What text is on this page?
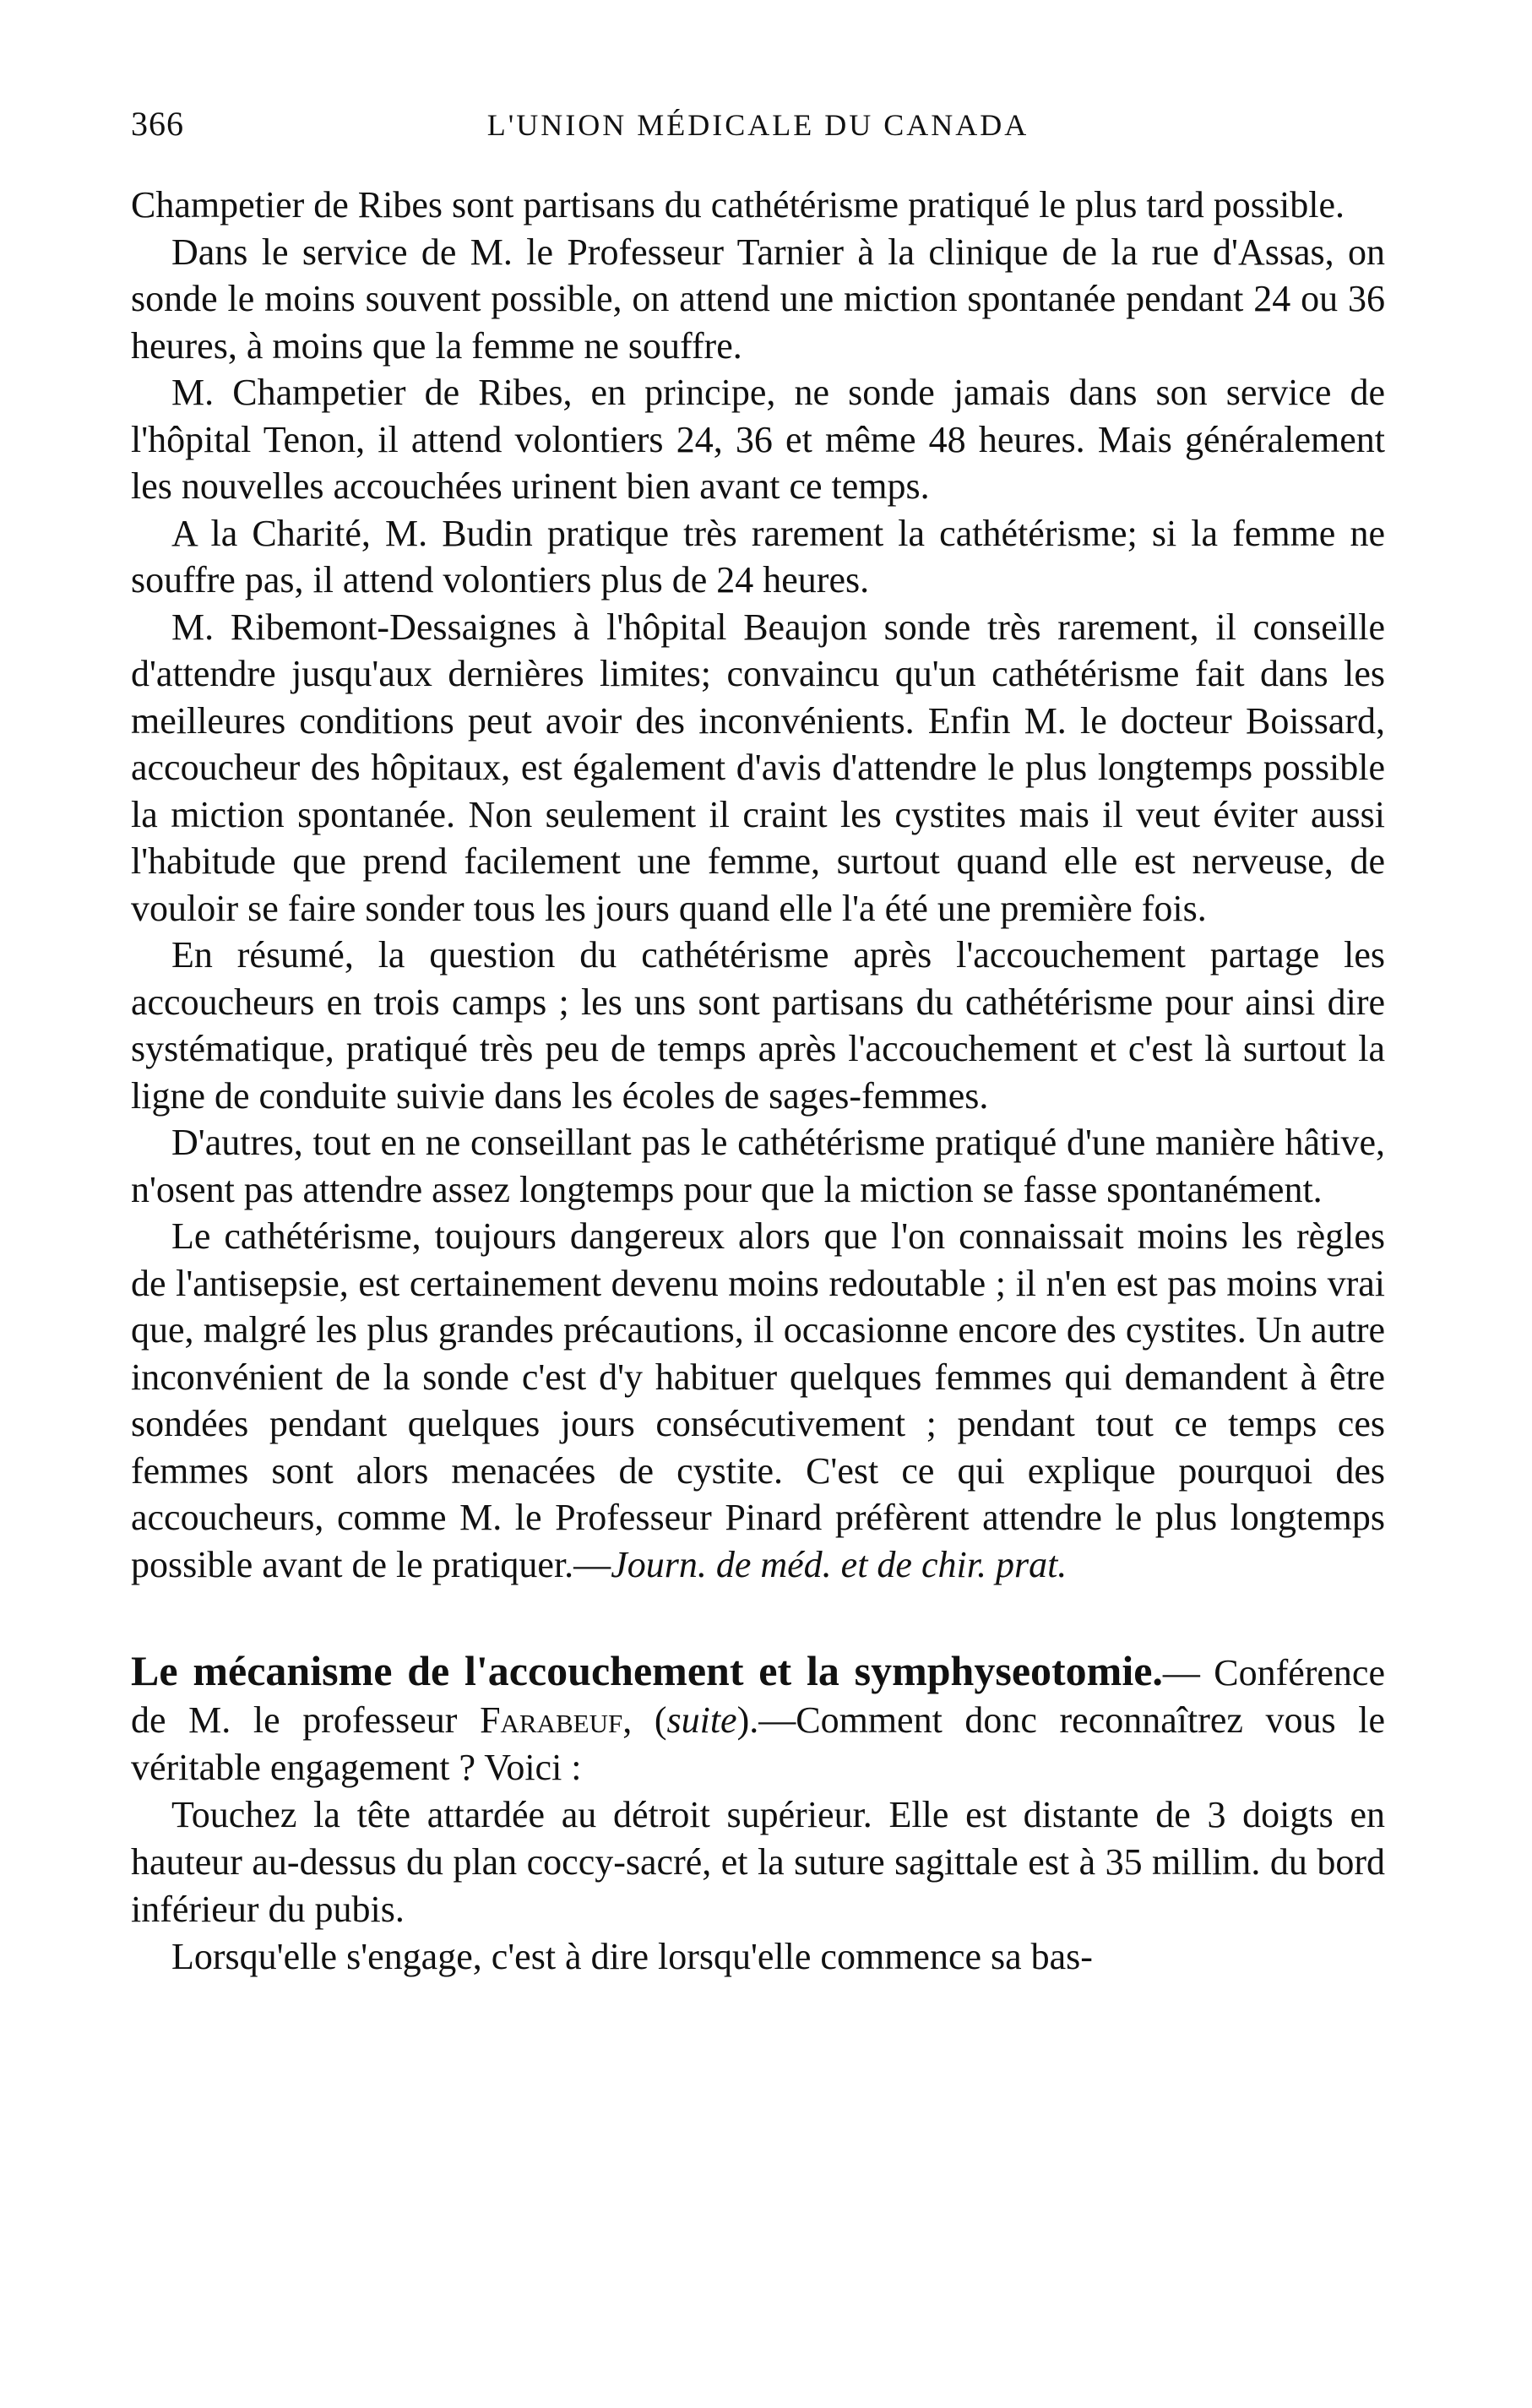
366	L'UNION MÉDICALE DU CANADA

Champetier de Ribes sont partisans du cathétérisme pratiqué le plus tard possible.

Dans le service de M. le Professeur Tarnier à la clinique de la rue d'Assas, on sonde le moins souvent possible, on attend une miction spontanée pendant 24 ou 36 heures, à moins que la femme ne souffre.

M. Champetier de Ribes, en principe, ne sonde jamais dans son service de l'hôpital Tenon, il attend volontiers 24, 36 et même 48 heures. Mais généralement les nouvelles accouchées urinent bien avant ce temps.

A la Charité, M. Budin pratique très rarement la cathétérisme; si la femme ne souffre pas, il attend volontiers plus de 24 heures.

M. Ribemont-Dessaignes à l'hôpital Beaujon sonde très rarement, il conseille d'attendre jusqu'aux dernières limites; convaincu qu'un cathétérisme fait dans les meilleures conditions peut avoir des inconvénients. Enfin M. le docteur Boissard, accoucheur des hôpitaux, est également d'avis d'attendre le plus longtemps possible la miction spontanée. Non seulement il craint les cystites mais il veut éviter aussi l'habitude que prend facilement une femme, surtout quand elle est nerveuse, de vouloir se faire sonder tous les jours quand elle l'a été une première fois.

En résumé, la question du cathétérisme après l'accouchement partage les accoucheurs en trois camps ; les uns sont partisans du cathétérisme pour ainsi dire systématique, pratiqué très peu de temps après l'accouchement et c'est là surtout la ligne de conduite suivie dans les écoles de sages-femmes.

D'autres, tout en ne conseillant pas le cathétérisme pratiqué d'une manière hâtive, n'osent pas attendre assez longtemps pour que la miction se fasse spontanément.

Le cathétérisme, toujours dangereux alors que l'on connaissait moins les règles de l'antisepsie, est certainement devenu moins redoutable ; il n'en est pas moins vrai que, malgré les plus grandes précautions, il occasionne encore des cystites. Un autre inconvénient de la sonde c'est d'y habituer quelques femmes qui demandent à être sondées pendant quelques jours consécutivement ; pendant tout ce temps ces femmes sont alors menacées de cystite. C'est ce qui explique pourquoi des accoucheurs, comme M. le Professeur Pinard préfèrent attendre le plus longtemps possible avant de le pratiquer.—Journ. de méd. et de chir. prat.

Le mécanisme de l'accouchement et la symphyseotomie.— Conférence de M. le professeur Farabeuf, (suite).—Comment donc reconnaîtrez vous le véritable engagement ? Voici :

Touchez la tête attardée au détroit supérieur. Elle est distante de 3 doigts en hauteur au-dessus du plan coccy-sacré, et la suture sagittale est à 35 millim. du bord inférieur du pubis.

Lorsqu'elle s'engage, c'est à dire lorsqu'elle commence sa bas-
